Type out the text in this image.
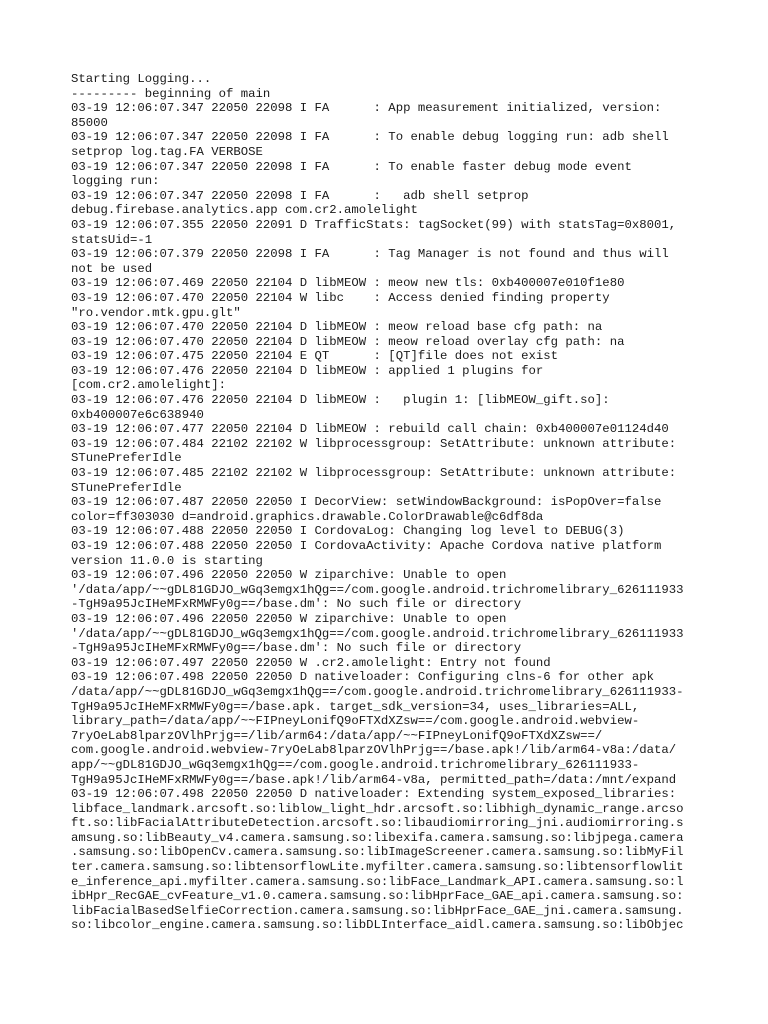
Starting Logging...
--------- beginning of main
03-19 12:06:07.347 22050 22098 I FA      : App measurement initialized, version:
85000
03-19 12:06:07.347 22050 22098 I FA      : To enable debug logging run: adb shell
setprop log.tag.FA VERBOSE
03-19 12:06:07.347 22050 22098 I FA      : To enable faster debug mode event
logging run:
03-19 12:06:07.347 22050 22098 I FA      :   adb shell setprop
debug.firebase.analytics.app com.cr2.amolelight
03-19 12:06:07.355 22050 22091 D TrafficStats: tagSocket(99) with statsTag=0x8001,
statsUid=-1
03-19 12:06:07.379 22050 22098 I FA      : Tag Manager is not found and thus will
not be used
03-19 12:06:07.469 22050 22104 D libMEOW : meow new tls: 0xb400007e010f1e80
03-19 12:06:07.470 22050 22104 W libc    : Access denied finding property
"ro.vendor.mtk.gpu.glt"
03-19 12:06:07.470 22050 22104 D libMEOW : meow reload base cfg path: na
03-19 12:06:07.470 22050 22104 D libMEOW : meow reload overlay cfg path: na
03-19 12:06:07.475 22050 22104 E QT      : [QT]file does not exist
03-19 12:06:07.476 22050 22104 D libMEOW : applied 1 plugins for
[com.cr2.amolelight]:
03-19 12:06:07.476 22050 22104 D libMEOW :   plugin 1: [libMEOW_gift.so]:
0xb400007e6c638940
03-19 12:06:07.477 22050 22104 D libMEOW : rebuild call chain: 0xb400007e01124d40
03-19 12:06:07.484 22102 22102 W libprocessgroup: SetAttribute: unknown attribute:
STunePreferIdle
03-19 12:06:07.485 22102 22102 W libprocessgroup: SetAttribute: unknown attribute:
STunePreferIdle
03-19 12:06:07.487 22050 22050 I DecorView: setWindowBackground: isPopOver=false
color=ff303030 d=android.graphics.drawable.ColorDrawable@c6df8da
03-19 12:06:07.488 22050 22050 I CordovaLog: Changing log level to DEBUG(3)
03-19 12:06:07.488 22050 22050 I CordovaActivity: Apache Cordova native platform
version 11.0.0 is starting
03-19 12:06:07.496 22050 22050 W ziparchive: Unable to open
'/data/app/~~gDL81GDJO_wGq3emgx1hQg==/com.google.android.trichromelibrary_626111933
-TgH9a95JcIHeMFxRMWFy0g==/base.dm': No such file or directory
03-19 12:06:07.496 22050 22050 W ziparchive: Unable to open
'/data/app/~~gDL81GDJO_wGq3emgx1hQg==/com.google.android.trichromelibrary_626111933
-TgH9a95JcIHeMFxRMWFy0g==/base.dm': No such file or directory
03-19 12:06:07.497 22050 22050 W .cr2.amolelight: Entry not found
03-19 12:06:07.498 22050 22050 D nativeloader: Configuring clns-6 for other apk
/data/app/~~gDL81GDJO_wGq3emgx1hQg==/com.google.android.trichromelibrary_626111933-
TgH9a95JcIHeMFxRMWFy0g==/base.apk. target_sdk_version=34, uses_libraries=ALL,
library_path=/data/app/~~FIPneyLonifQ9oFTXdXZsw==/com.google.android.webview-
7ryOeLab8lparzOVlhPrjg==/lib/arm64:/data/app/~~FIPneyLonifQ9oFTXdXZsw==/
com.google.android.webview-7ryOeLab8lparzOVlhPrjg==/base.apk!/lib/arm64-v8a:/data/
app/~~gDL81GDJO_wGq3emgx1hQg==/com.google.android.trichromelibrary_626111933-
TgH9a95JcIHeMFxRMWFy0g==/base.apk!/lib/arm64-v8a, permitted_path=/data:/mnt/expand
03-19 12:06:07.498 22050 22050 D nativeloader: Extending system_exposed_libraries:
libface_landmark.arcsoft.so:liblow_light_hdr.arcsoft.so:libhigh_dynamic_range.arcso
ft.so:libFacialAttributeDetection.arcsoft.so:libaudiomirroring_jni.audiomirroring.s
amsung.so:libBeauty_v4.camera.samsung.so:libexifa.camera.samsung.so:libjpega.camera
.samsung.so:libOpenCv.camera.samsung.so:libImageScreener.camera.samsung.so:libMyFil
ter.camera.samsung.so:libtensorflowLite.myfilter.camera.samsung.so:libtensorflowlit
e_inference_api.myfilter.camera.samsung.so:libFace_Landmark_API.camera.samsung.so:l
ibHpr_RecGAE_cvFeature_v1.0.camera.samsung.so:libHprFace_GAE_api.camera.samsung.so:
libFacialBasedSelfieCorrection.camera.samsung.so:libHprFace_GAE_jni.camera.samsung.
so:libcolor_engine.camera.samsung.so:libDLInterface_aidl.camera.samsung.so:libObjec
